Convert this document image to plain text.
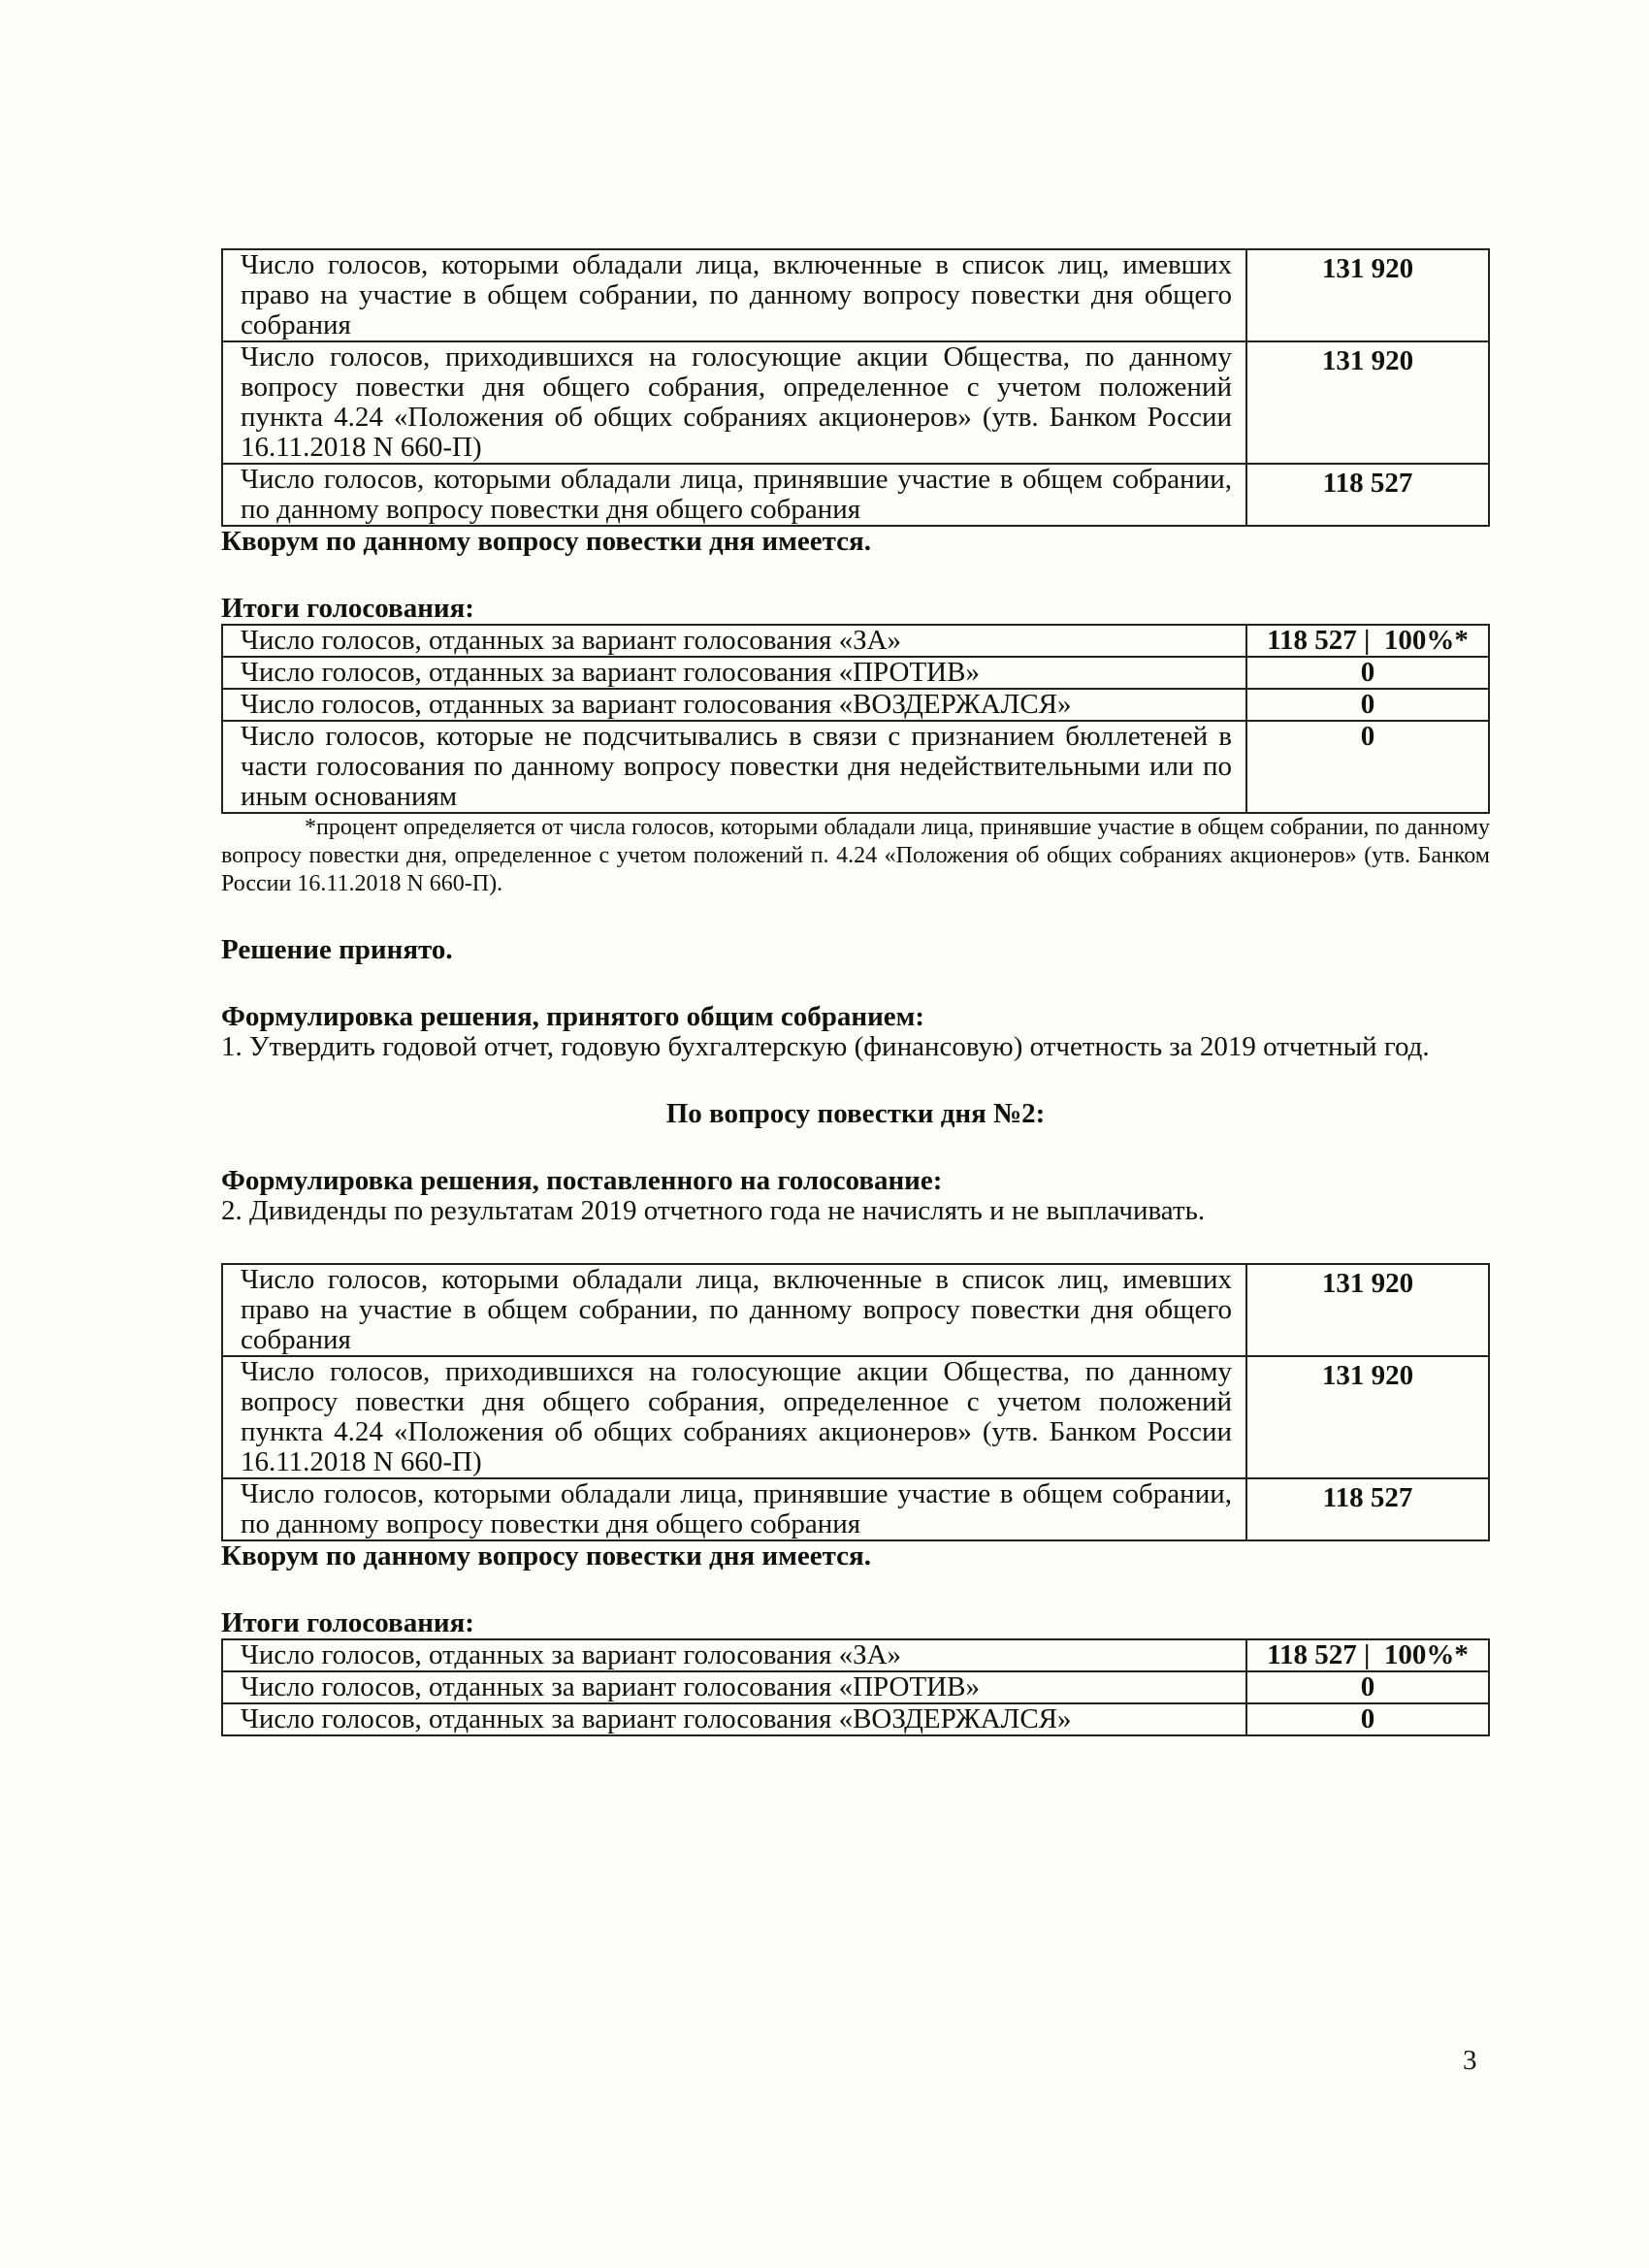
Число голосов, которыми обладали лица, включенные в список лиц, имевших право на участие в общем собрании, по данному вопросу повестки дня общего собрания	131 920
Число голосов, приходившихся на голосующие акции Общества, по данному вопросу повестки дня общего собрания, определенное с учетом положений пункта 4.24 «Положения об общих собраниях акционеров» (утв. Банком России 16.11.2018 N 660-П)	131 920
Число голосов, которыми обладали лица, принявшие участие в общем собрании, по данному вопросу повестки дня общего собрания	118 527
Кворум по данному вопросу повестки дня имеется.
Итоги голосования:
Число голосов, отданных за вариант голосования «ЗА»	118 527 |  100%*
Число голосов, отданных за вариант голосования «ПРОТИВ»	0
Число голосов, отданных за вариант голосования «ВОЗДЕРЖАЛСЯ»	0
Число голосов, которые не подсчитывались в связи с признанием бюллетеней в части голосования по данному вопросу повестки дня недействительными или по иным основаниям	0
*процент определяется от числа голосов, которыми обладали лица, принявшие участие в общем собрании, по данному вопросу повестки дня, определенное с учетом положений п. 4.24 «Положения об общих собраниях акционеров» (утв. Банком России 16.11.2018 N 660-П).
Решение принято.
Формулировка решения, принятого общим собранием:
1. Утвердить годовой отчет, годовую бухгалтерскую (финансовую) отчетность за 2019 отчетный год.
По вопросу повестки дня №2:
Формулировка решения, поставленного на голосование:
2. Дивиденды по результатам 2019 отчетного года не начислять и не выплачивать.
Число голосов, которыми обладали лица, включенные в список лиц, имевших право на участие в общем собрании, по данному вопросу повестки дня общего собрания	131 920
Число голосов, приходившихся на голосующие акции Общества, по данному вопросу повестки дня общего собрания, определенное с учетом положений пункта 4.24 «Положения об общих собраниях акционеров» (утв. Банком России 16.11.2018 N 660-П)	131 920
Число голосов, которыми обладали лица, принявшие участие в общем собрании, по данному вопросу повестки дня общего собрания	118 527
Кворум по данному вопросу повестки дня имеется.
Итоги голосования:
Число голосов, отданных за вариант голосования «ЗА»	118 527 |  100%*
Число голосов, отданных за вариант голосования «ПРОТИВ»	0
Число голосов, отданных за вариант голосования «ВОЗДЕРЖАЛСЯ»	0
3
